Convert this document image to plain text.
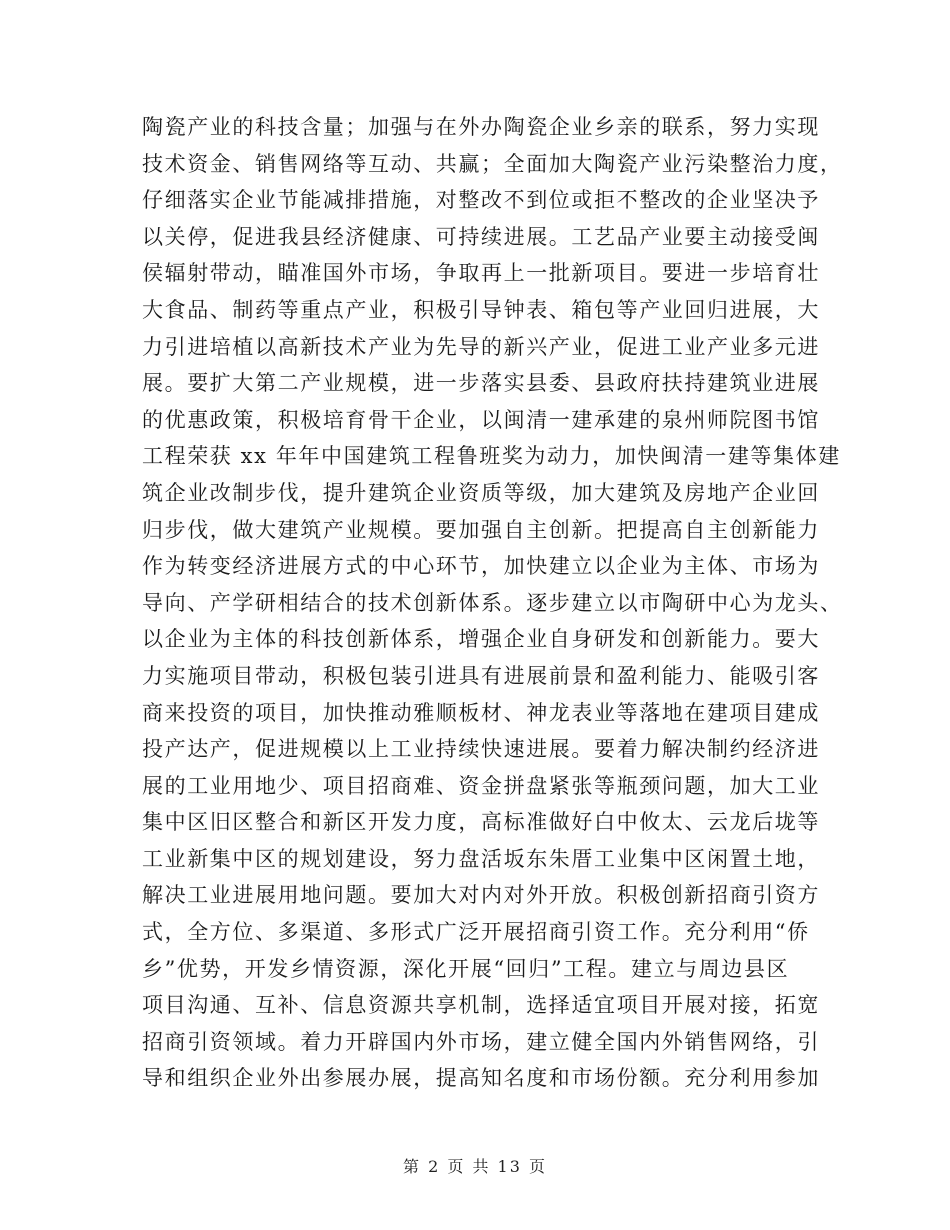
陶瓷产业的科技含量；加强与在外办陶瓷企业乡亲的联系，努力实现
技术资金、销售网络等互动、共赢；全面加大陶瓷产业污染整治力度，
仔细落实企业节能减排措施，对整改不到位或拒不整改的企业坚决予
以关停，促进我县经济健康、可持续进展。工艺品产业要主动接受闽
侯辐射带动，瞄准国外市场，争取再上一批新项目。要进一步培育壮
大食品、制药等重点产业，积极引导钟表、箱包等产业回归进展，大
力引进培植以高新技术产业为先导的新兴产业，促进工业产业多元进
展。要扩大第二产业规模，进一步落实县委、县政府扶持建筑业进展
的优惠政策，积极培育骨干企业，以闽清一建承建的泉州师院图书馆
工程荣获 xx 年年中国建筑工程鲁班奖为动力，加快闽清一建等集体建
筑企业改制步伐，提升建筑企业资质等级，加大建筑及房地产企业回
归步伐，做大建筑产业规模。要加强自主创新。把提高自主创新能力
作为转变经济进展方式的中心环节，加快建立以企业为主体、市场为
导向、产学研相结合的技术创新体系。逐步建立以市陶研中心为龙头、
以企业为主体的科技创新体系，增强企业自身研发和创新能力。要大
力实施项目带动，积极包装引进具有进展前景和盈利能力、能吸引客
商来投资的项目，加快推动雅顺板材、神龙表业等落地在建项目建成
投产达产，促进规模以上工业持续快速进展。要着力解决制约经济进
展的工业用地少、项目招商难、资金拼盘紧张等瓶颈问题，加大工业
集中区旧区整合和新区开发力度，高标准做好白中攸太、云龙后垅等
工业新集中区的规划建设，努力盘活坂东朱厝工业集中区闲置土地，
解决工业进展用地问题。要加大对内对外开放。积极创新招商引资方
式，全方位、多渠道、多形式广泛开展招商引资工作。充分利用“侨
乡”优势，开发乡情资源，深化开展“回归”工程。建立与周边县区
项目沟通、互补、信息资源共享机制，选择适宜项目开展对接，拓宽
招商引资领域。着力开辟国内外市场，建立健全国内外销售网络，引
导和组织企业外出参展办展，提高知名度和市场份额。充分利用参加
第 2 页 共 13 页
